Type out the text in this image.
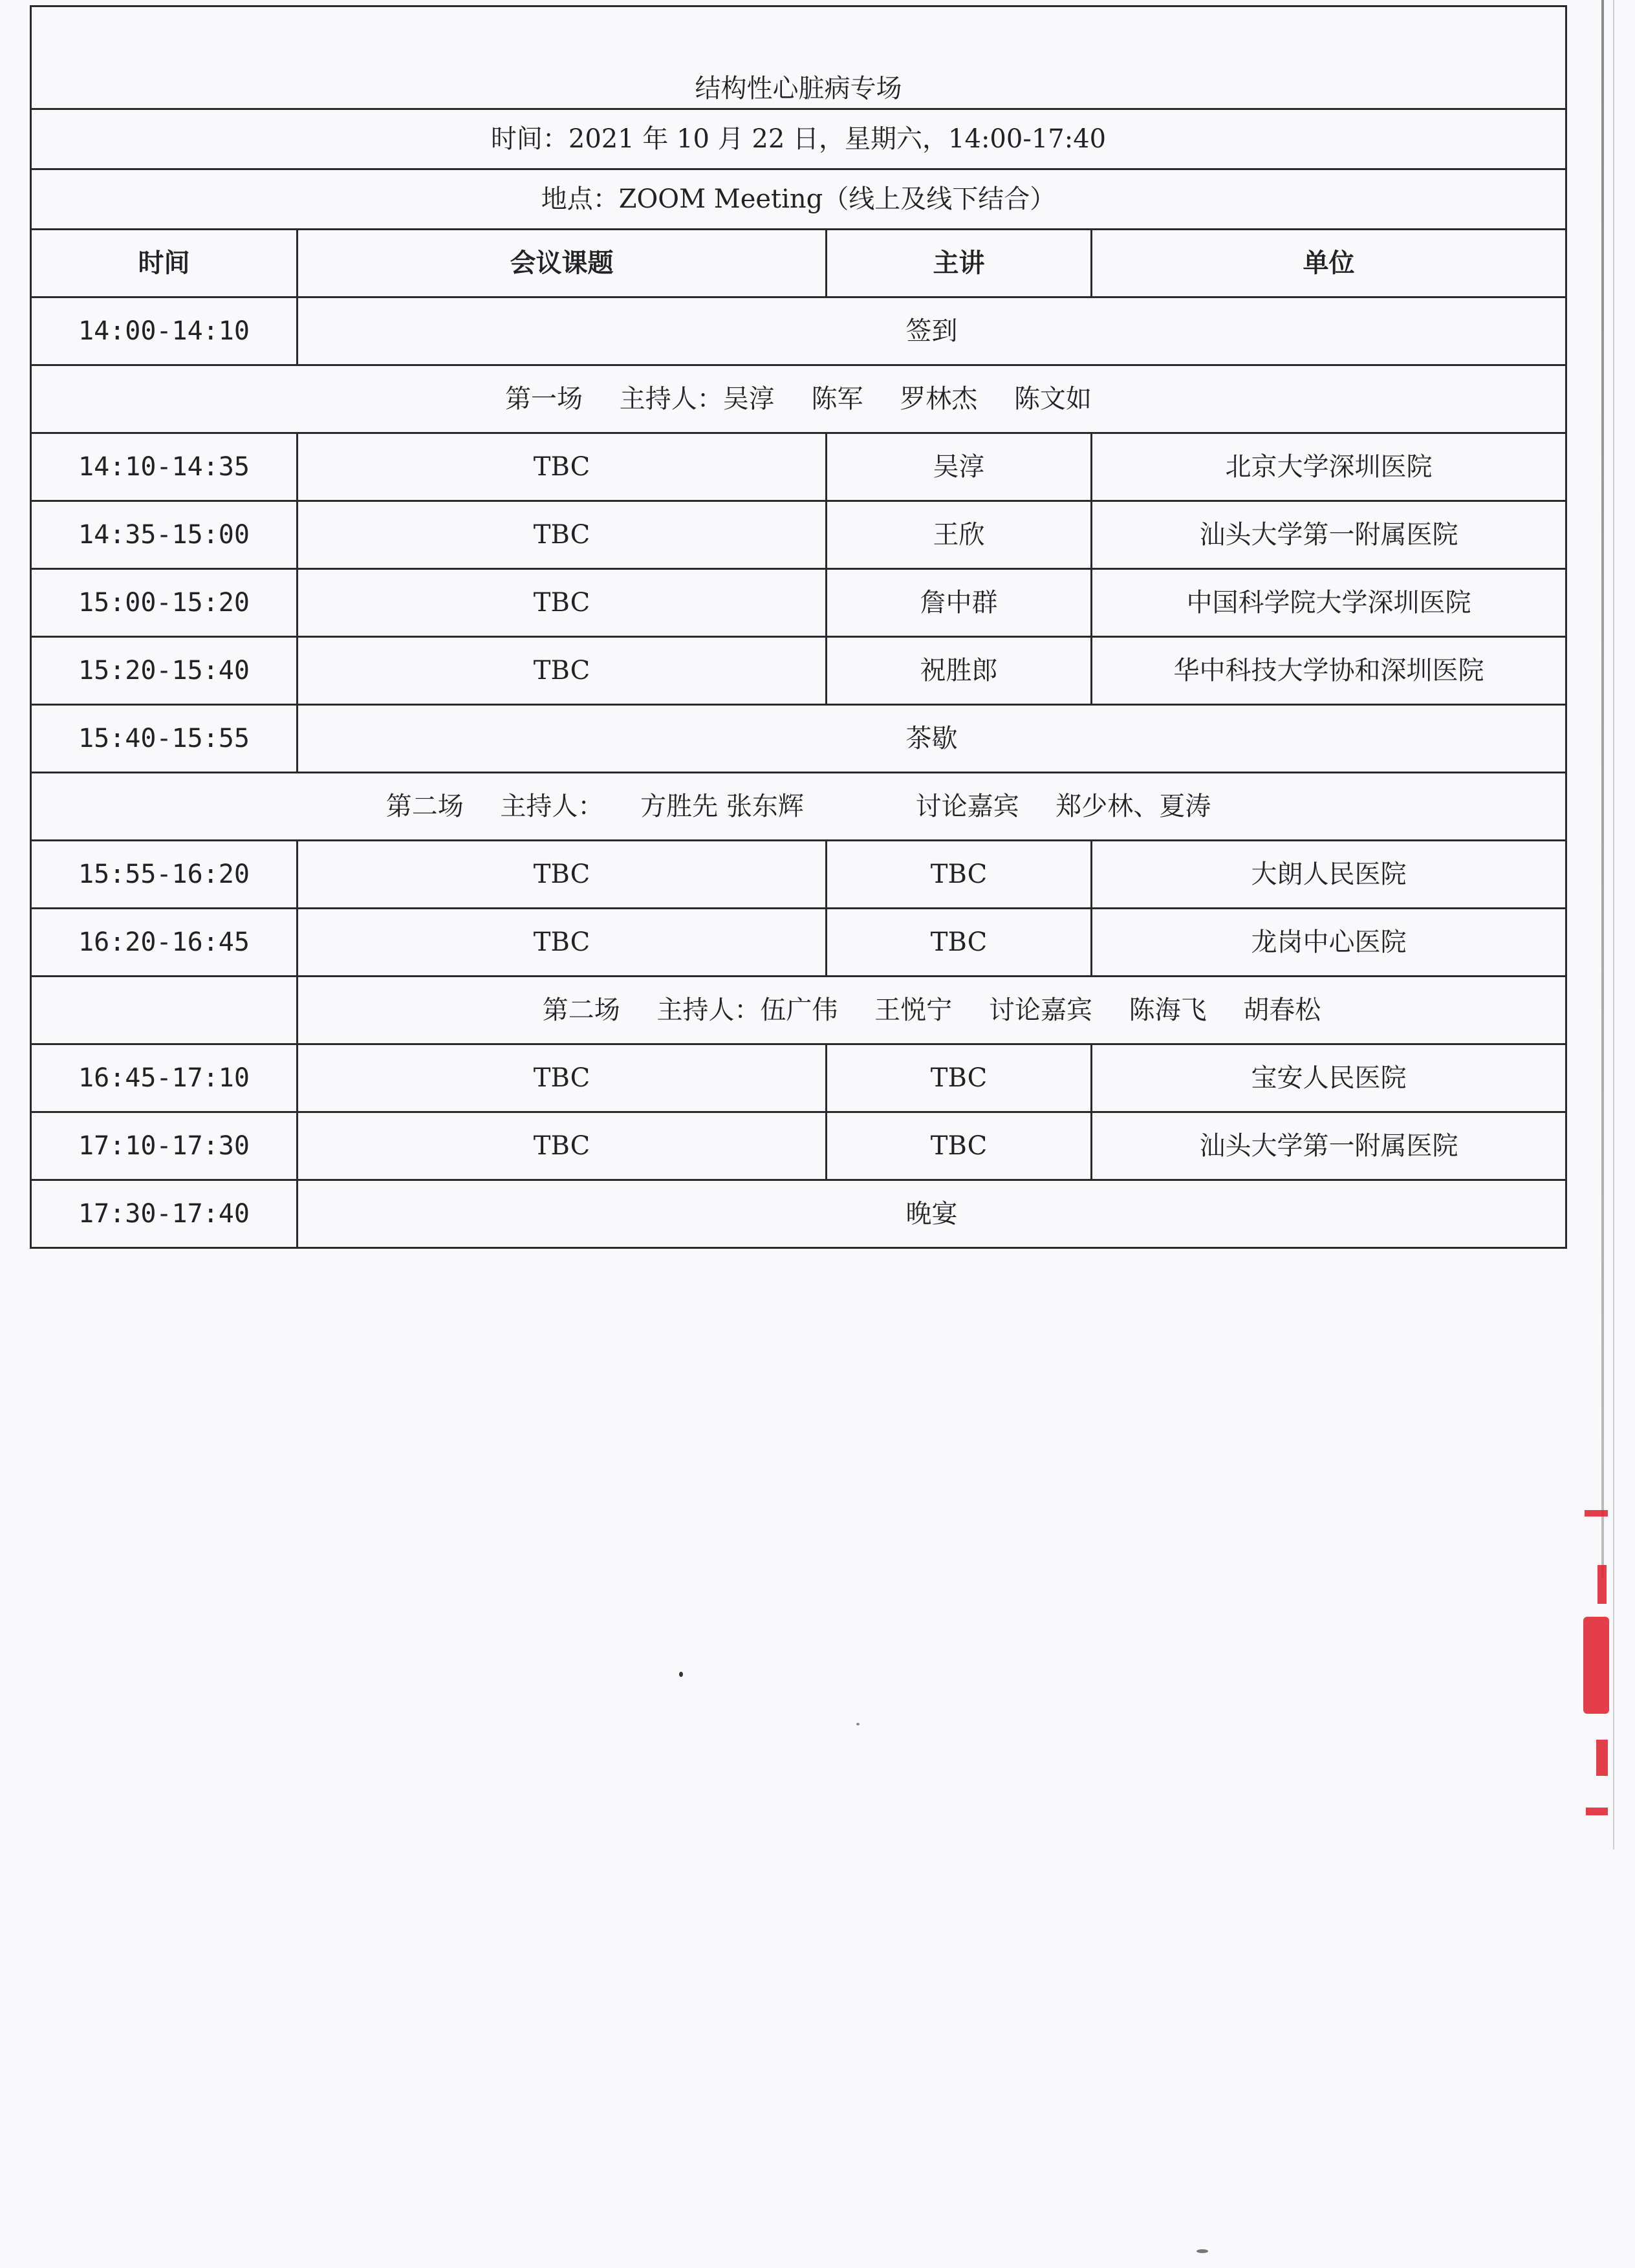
结构性心脏病专场			
时间：2021 年 10 月 22 日，星期六，14:00-17:40			
地点：ZOOM Meeting（线上及线下结合）			
时间	会议课题	主讲	单位
14:00-14:10	签到		
第一场 主持人：吴淳 陈军 罗林杰 陈文如			
14:10-14:35	TBC	吴淳	北京大学深圳医院
14:35-15:00	TBC	王欣	汕头大学第一附属医院
15:00-15:20	TBC	詹中群	中国科学院大学深圳医院
15:20-15:40	TBC	祝胜郎	华中科技大学协和深圳医院
15:40-15:55	茶歇		
第二场 主持人： 方胜先 张东辉 讨论嘉宾 郑少林、夏涛			
15:55-16:20	TBC	TBC	大朗人民医院
16:20-16:45	TBC	TBC	龙岗中心医院
	第二场 主持人：伍广伟 王悦宁 讨论嘉宾 陈海飞 胡春松		
16:45-17:10	TBC	TBC	宝安人民医院
17:10-17:30	TBC	TBC	汕头大学第一附属医院
17:30-17:40	晚宴		
